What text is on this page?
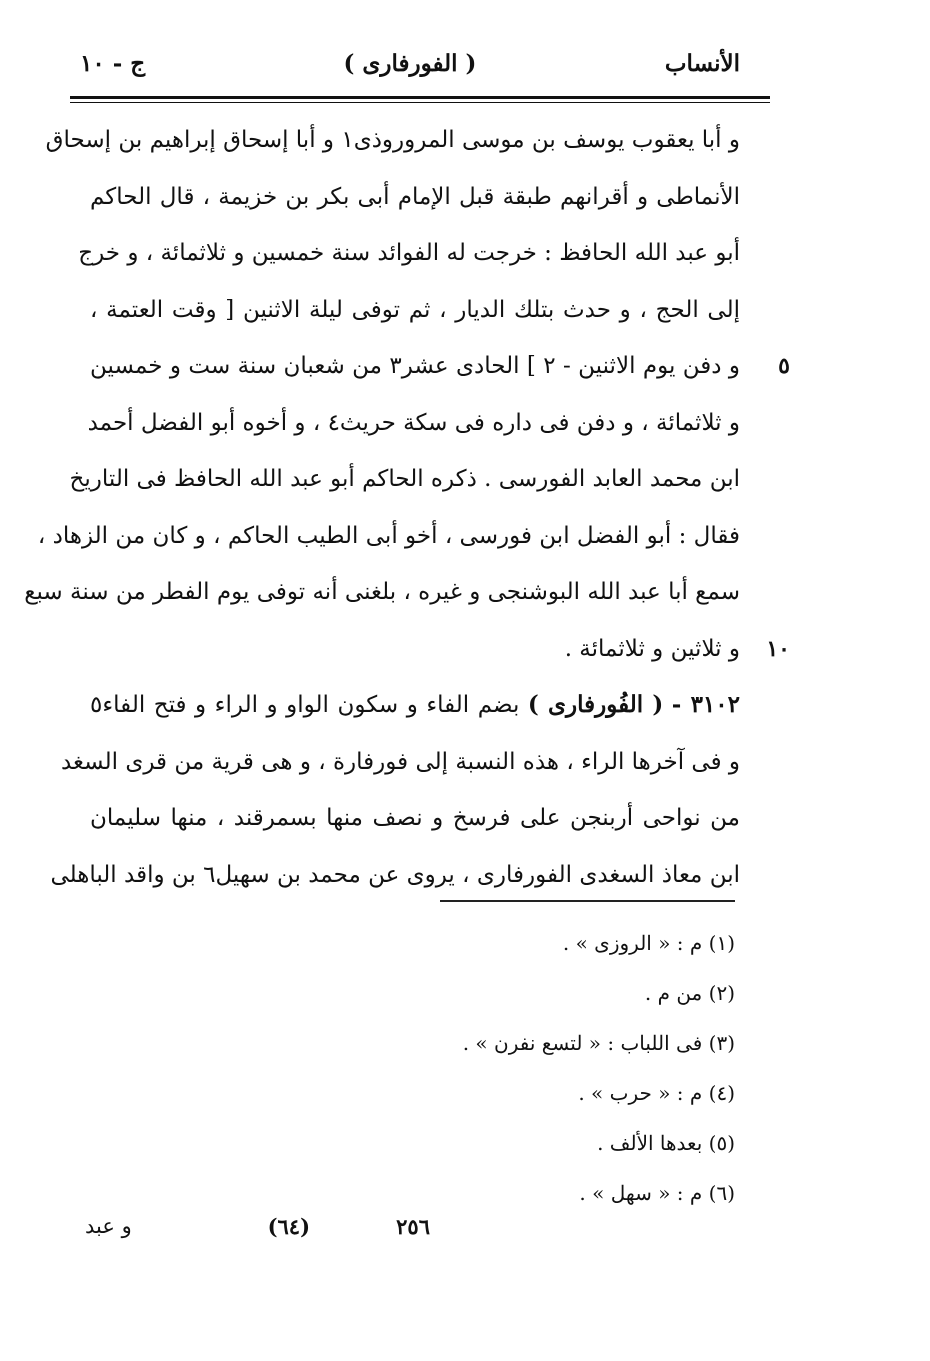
الأنساب
( الفورفارى )
ج - ١٠
و أبا يعقوب يوسف بن موسى المروروذى١ و أبا إسحاق إبراهيم بن إسحاق
الأنماطى و أقرانهم طبقة قبل الإمام أبى بكر بن خزيمة ، قال الحاكم
أبو عبد الله الحافظ : خرجت له الفوائد سنة خمسين و ثلاثمائة ، و خرج
إلى الحج ، و حدث بتلك الديار ، ثم توفى ليلة الاثنين [ وقت العتمة ،
٥
و دفن يوم الاثنين - ٢ ] الحادى عشر٣ من شعبان سنة ست و خمسين
و ثلاثمائة ، و دفن فى داره فى سكة حريث٤ ، و أخوه أبو الفضل أحمد
ابن محمد العابد الفورسى . ذكره الحاكم أبو عبد الله الحافظ فى التاريخ
فقال : أبو الفضل ابن فورسى ، أخو أبى الطيب الحاكم ، و كان من الزهاد ،
سمع أبا عبد الله البوشنجى و غيره ، بلغنى أنه توفى يوم الفطر من سنة سبع
١٠
و ثلاثين و ثلاثمائة .
٣١٠٢ - ( الفُورفارى ) بضم الفاء و سكون الواو و الراء و فتح الفاء٥
و فى آخرها الراء ، هذه النسبة إلى فورفارة ، و هى قرية من قرى السغد
من نواحى أربنجن على فرسخ و نصف منها بسمرقند ، منها سليمان
ابن معاذ السغدى الفورفارى ، يروى عن محمد بن سهيل٦ بن واقد الباهلى
(١) م : « الروزى » .
(٢) من م .
(٣) فى اللباب : « لتسع نفرن » .
(٤) م : « حرب » .
(٥) بعدها الألف .
(٦) م : « سهل » .
٢٥٦
(٦٤)
و عبد
